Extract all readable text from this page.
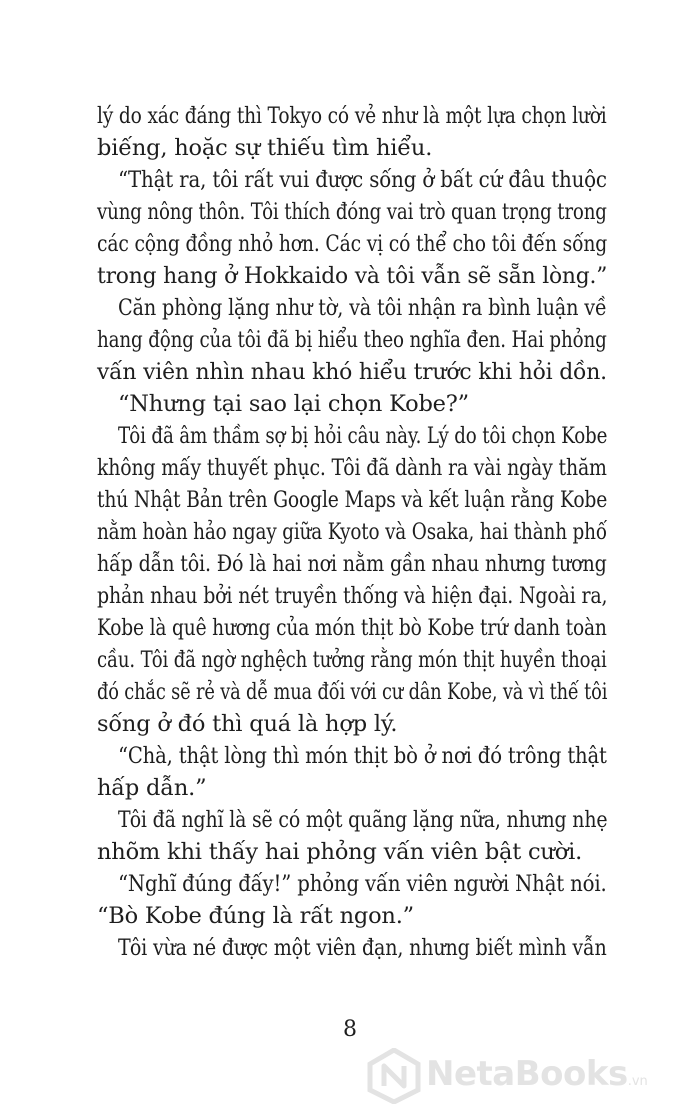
lý do xác đáng thì Tokyo có vẻ như là một lựa chọn lười
biếng, hoặc sự thiếu tìm hiểu.
“Thật ra, tôi rất vui được sống ở bất cứ đâu thuộc
vùng nông thôn. Tôi thích đóng vai trò quan trọng trong
các cộng đồng nhỏ hơn. Các vị có thể cho tôi đến sống
trong hang ở Hokkaido và tôi vẫn sẽ sẵn lòng.”
Căn phòng lặng như tờ, và tôi nhận ra bình luận về
hang động của tôi đã bị hiểu theo nghĩa đen. Hai phỏng
vấn viên nhìn nhau khó hiểu trước khi hỏi dồn.
“Nhưng tại sao lại chọn Kobe?”
Tôi đã âm thầm sợ bị hỏi câu này. Lý do tôi chọn Kobe
không mấy thuyết phục. Tôi đã dành ra vài ngày thăm
thú Nhật Bản trên Google Maps và kết luận rằng Kobe
nằm hoàn hảo ngay giữa Kyoto và Osaka, hai thành phố
hấp dẫn tôi. Đó là hai nơi nằm gần nhau nhưng tương
phản nhau bởi nét truyền thống và hiện đại. Ngoài ra,
Kobe là quê hương của món thịt bò Kobe trứ danh toàn
cầu. Tôi đã ngờ nghệch tưởng rằng món thịt huyền thoại
đó chắc sẽ rẻ và dễ mua đối với cư dân Kobe, và vì thế tôi
sống ở đó thì quá là hợp lý.
“Chà, thật lòng thì món thịt bò ở nơi đó trông thật
hấp dẫn.”
Tôi đã nghĩ là sẽ có một quãng lặng nữa, nhưng nhẹ
nhõm khi thấy hai phỏng vấn viên bật cười.
“Nghĩ đúng đấy!” phỏng vấn viên người Nhật nói.
“Bò Kobe đúng là rất ngon.”
Tôi vừa né được một viên đạn, nhưng biết mình vẫn
8
NetaBooks.vn
